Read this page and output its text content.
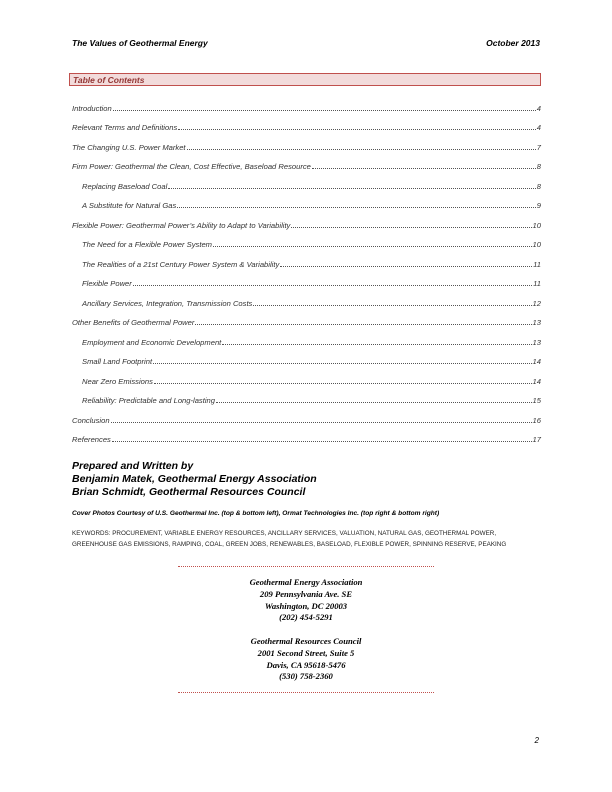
The Values of Geothermal Energy	October 2013
Table of Contents
Introduction	4
Relevant Terms and Definitions	4
The Changing U.S. Power Market	7
Firm Power: Geothermal the Clean, Cost Effective, Baseload Resource	8
Replacing Baseload Coal	8
A Substitute for Natural Gas	9
Flexible Power: Geothermal Power’s Ability to Adapt to Variability	10
The Need for a Flexible Power System	10
The Realities of a 21st Century Power System & Variability	11
Flexible Power	11
Ancillary Services, Integration, Transmission Costs	12
Other Benefits of Geothermal Power	13
Employment and Economic Development	13
Small Land Footprint	14
Near Zero Emissions	14
Reliability: Predictable and Long-lasting	15
Conclusion	16
References	17
Prepared and Written by
Benjamin Matek, Geothermal Energy Association
Brian Schmidt, Geothermal Resources Council
Cover Photos Courtesy of U.S. Geothermal Inc. (top & bottom left), Ormat Technologies Inc. (top right & bottom right)
KEYWORDS: PROCUREMENT, VARIABLE ENERGY RESOURCES, ANCILLARY SERVICES, VALUATION, NATURAL GAS, GEOTHERMAL POWER, GREENHOUSE GAS EMISSIONS, RAMPING, COAL, GREEN JOBS, RENEWABLES, BASELOAD, FLEXIBLE POWER, SPINNING RESERVE, PEAKING
Geothermal Energy Association
209 Pennsylvania Ave. SE
Washington, DC 20003
(202) 454-5291
Geothermal Resources Council
2001 Second Street, Suite 5
Davis, CA 95618-5476
(530) 758-2360
2
